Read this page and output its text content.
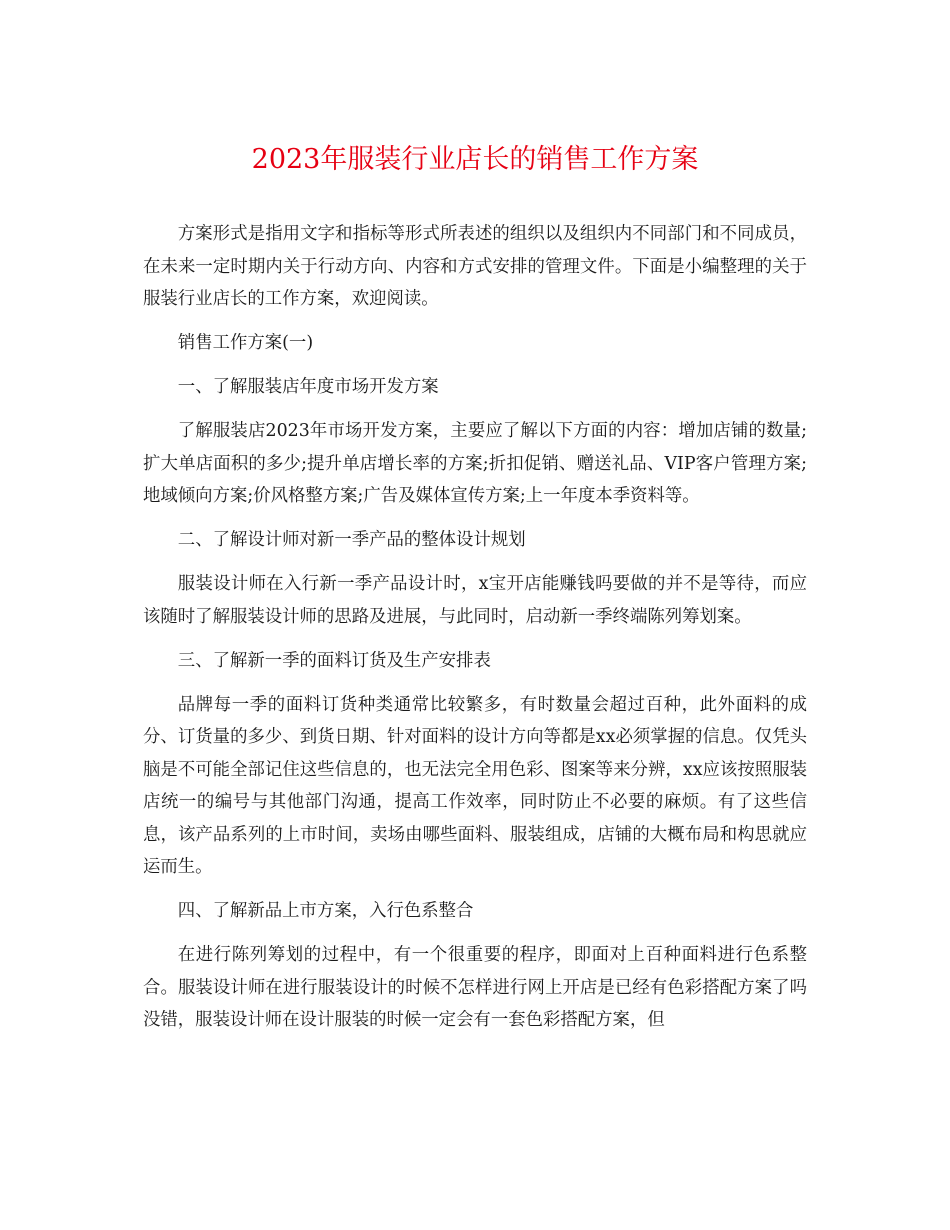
2023年服装行业店长的销售工作方案

方案形式是指用文字和指标等形式所表述的组织以及组织内不同部门和不同成员，在未来一定时期内关于行动方向、内容和方式安排的管理文件。下面是小编整理的关于服装行业店长的工作方案，欢迎阅读。

销售工作方案(一)

一、了解服装店年度市场开发方案

了解服装店2023年市场开发方案，主要应了解以下方面的内容：增加店铺的数量;扩大单店面积的多少;提升单店增长率的方案;折扣促销、赠送礼品、VIP客户管理方案;地域倾向方案;价风格整方案;广告及媒体宣传方案;上一年度本季资料等。

二、了解设计师对新一季产品的整体设计规划

服装设计师在入行新一季产品设计时，x宝开店能赚钱吗要做的并不是等待，而应该随时了解服装设计师的思路及进展，与此同时，启动新一季终端陈列筹划案。

三、了解新一季的面料订货及生产安排表

品牌每一季的面料订货种类通常比较繁多，有时数量会超过百种，此外面料的成分、订货量的多少、到货日期、针对面料的设计方向等都是xx必须掌握的信息。仅凭头脑是不可能全部记住这些信息的，也无法完全用色彩、图案等来分辨，xx应该按照服装店统一的编号与其他部门沟通，提高工作效率，同时防止不必要的麻烦。有了这些信息，该产品系列的上市时间，卖场由哪些面料、服装组成，店铺的大概布局和构思就应运而生。

四、了解新品上市方案，入行色系整合

在进行陈列筹划的过程中，有一个很重要的程序，即面对上百种面料进行色系整合。服装设计师在进行服装设计的时候不怎样进行网上开店是已经有色彩搭配方案了吗没错，服装设计师在设计服装的时候一定会有一套色彩搭配方案，但
